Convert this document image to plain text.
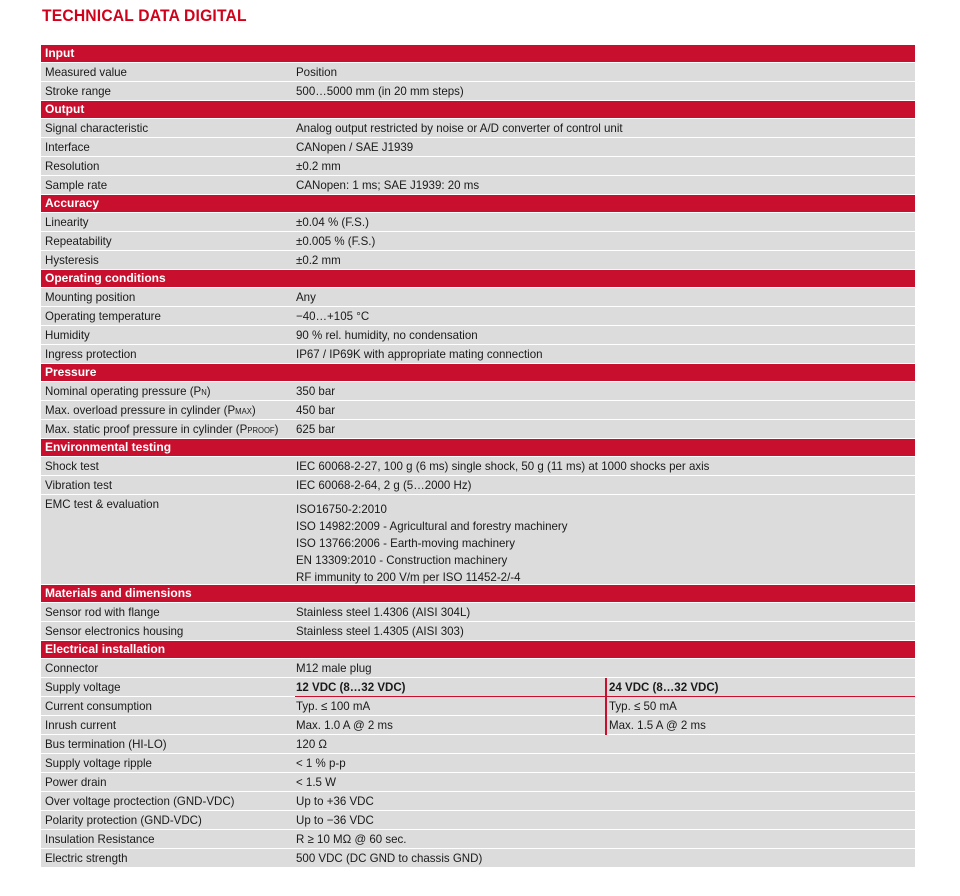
TECHNICAL DATA DIGITAL
Input
Measured value	Position
Stroke range	500…5000 mm (in 20 mm steps)
Output
Signal characteristic	Analog output restricted by noise or A/D converter of control unit
Interface	CANopen / SAE J1939
Resolution	±0.2 mm
Sample rate	CANopen: 1 ms; SAE J1939: 20 ms
Accuracy
Linearity	±0.04 % (F.S.)
Repeatability	±0.005 % (F.S.)
Hysteresis	±0.2 mm
Operating conditions
Mounting position	Any
Operating temperature	−40…+105 °C
Humidity	90 % rel. humidity, no condensation
Ingress protection	IP67 / IP69K with appropriate mating connection
Pressure
Nominal operating pressure (PN)	350 bar
Max. overload pressure in cylinder (PMAX)	450 bar
Max. static proof pressure in cylinder (PPROOF) 625 bar
Environmental testing
Shock test	IEC 60068-2-27, 100 g (6 ms) single shock, 50 g (11 ms) at 1000 shocks per axis
Vibration test	IEC 60068-2-64, 2 g (5…2000 Hz)
EMC test & evaluation	ISO16750-2:2010
ISO 14982:2009 - Agricultural and forestry machinery
ISO 13766:2006 - Earth-moving machinery
EN 13309:2010 - Construction machinery
RF immunity to 200 V/m per ISO 11452-2/-4
Materials and dimensions
Sensor rod with flange	Stainless steel 1.4306 (AISI 304L)
Sensor electronics housing	Stainless steel 1.4305 (AISI 303)
Electrical installation
Connector	M12 male plug
Supply voltage	12 VDC (8…32 VDC)	24 VDC (8…32 VDC)
Current consumption	Typ. ≤ 100 mA	Typ. ≤ 50 mA
Inrush current	Max. 1.0 A @ 2 ms	Max. 1.5 A @ 2 ms
Bus termination (HI-LO)	120 Ω
Supply voltage ripple	< 1 % p-p
Power drain	< 1.5 W
Over voltage proctection (GND-VDC)	Up to +36 VDC
Polarity protection (GND-VDC)	Up to −36 VDC
Insulation Resistance	R ≥ 10 MΩ @ 60 sec.
Electric strength	500 VDC (DC GND to chassis GND)
